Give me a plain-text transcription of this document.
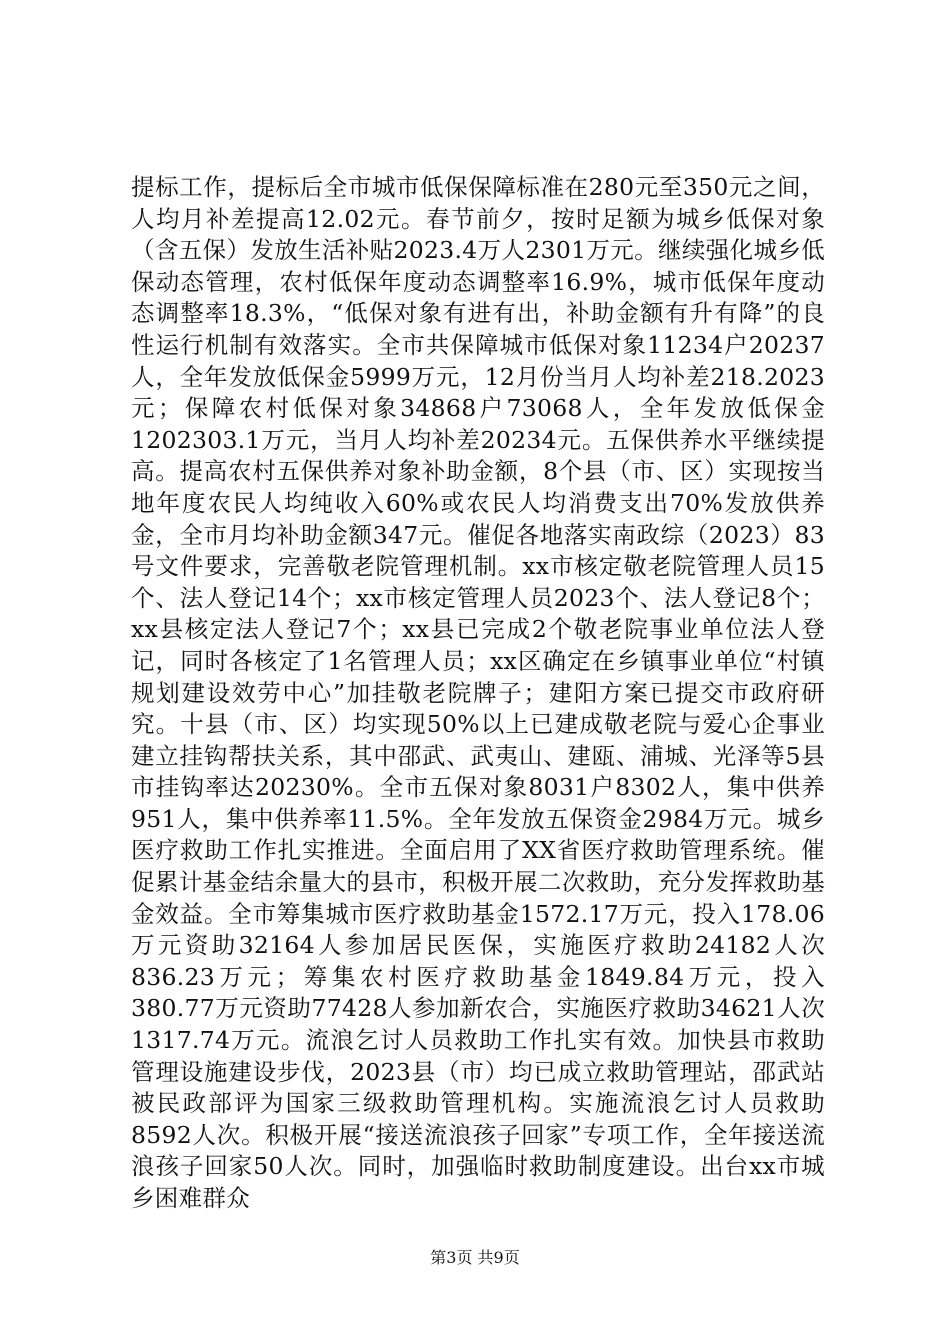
提标工作，提标后全市城市低保保障标准在280元至350元之间，人均月补差提高12.02元。春节前夕，按时足额为城乡低保对象（含五保）发放生活补贴2023.4万人2301万元。继续强化城乡低保动态管理，农村低保年度动态调整率16.9%，城市低保年度动态调整率18.3%，“低保对象有进有出，补助金额有升有降”的良性运行机制有效落实。全市共保障城市低保对象11234户20237人，全年发放低保金5999万元，12月份当月人均补差218.2023元；保障农村低保对象34868户73068人，全年发放低保金1202303.1万元，当月人均补差20234元。五保供养水平继续提高。提高农村五保供养对象补助金额，8个县（市、区）实现按当地年度农民人均纯收入60%或农民人均消费支出70%发放供养金，全市月均补助金额347元。催促各地落实南政综（2023）83号文件要求，完善敬老院管理机制。xx市核定敬老院管理人员15个、法人登记14个；xx市核定管理人员2023个、法人登记8个；xx县核定法人登记7个；xx县已完成2个敬老院事业单位法人登记，同时各核定了1名管理人员；xx区确定在乡镇事业单位“村镇规划建设效劳中心”加挂敬老院牌子；建阳方案已提交市政府研究。十县（市、区）均实现50%以上已建成敬老院与爱心企事业建立挂钩帮扶关系，其中邵武、武夷山、建瓯、浦城、光泽等5县市挂钩率达20230%。全市五保对象8031户8302人，集中供养951人，集中供养率11.5%。全年发放五保资金2984万元。城乡医疗救助工作扎实推进。全面启用了XX省医疗救助管理系统。催促累计基金结余量大的县市，积极开展二次救助，充分发挥救助基金效益。全市筹集城市医疗救助基金1572.17万元，投入178.06万元资助32164人参加居民医保，实施医疗救助24182人次836.23万元；筹集农村医疗救助基金1849.84万元，投入380.77万元资助77428人参加新农合，实施医疗救助34621人次1317.74万元。流浪乞讨人员救助工作扎实有效。加快县市救助管理设施建设步伐，2023县（市）均已成立救助管理站，邵武站被民政部评为国家三级救助管理机构。实施流浪乞讨人员救助8592人次。积极开展“接送流浪孩子回家”专项工作，全年接送流浪孩子回家50人次。同时，加强临时救助制度建设。出台xx市城乡困难群众

第3页 共9页
